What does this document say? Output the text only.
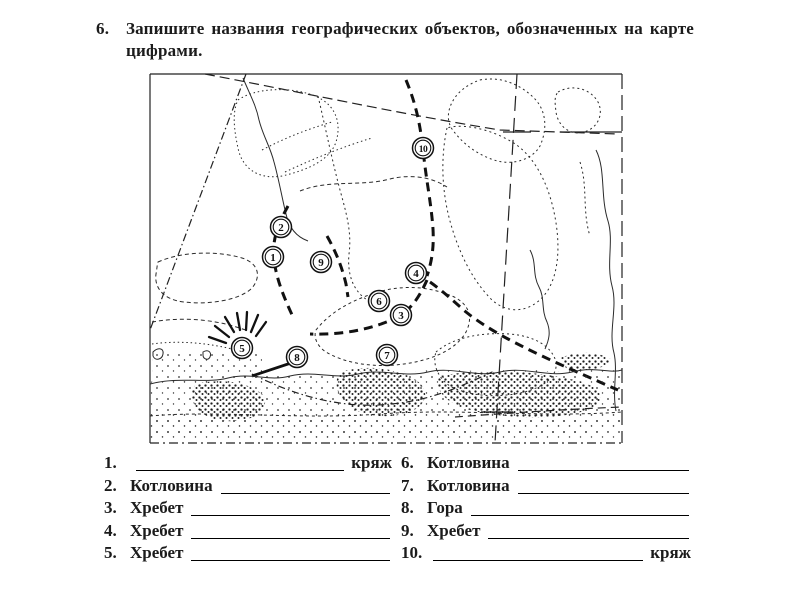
6. Запишите названия географических объектов, обозначенных на карте цифрами.
1
2
3
4
5
6
7
8
9
10
1.	кряж
2. Котловина
3. Хребет
4. Хребет
5. Хребет
6. Котловина
7. Котловина
8. Гора
9. Хребет
10.	кряж
